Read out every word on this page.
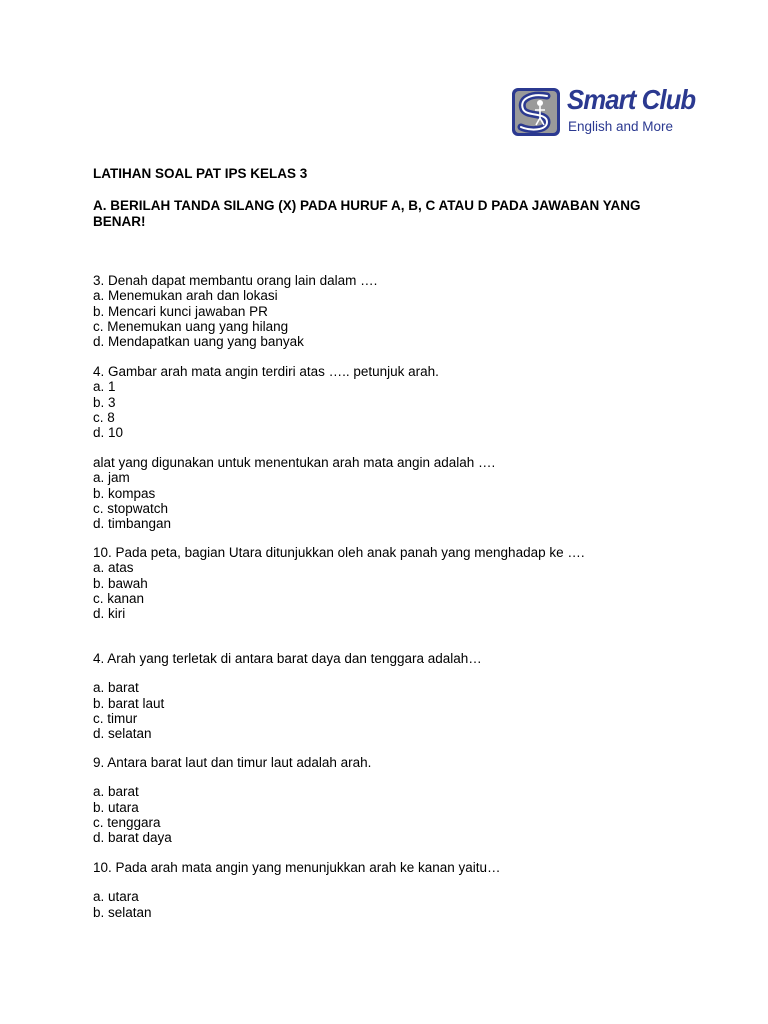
Smart Club
English and More
LATIHAN SOAL PAT IPS KELAS 3
A. BERILAH TANDA SILANG (X) PADA HURUF A, B, C ATAU D PADA JAWABAN YANG BENAR!
3. Denah dapat membantu orang lain dalam ….
a. Menemukan arah dan lokasi
b. Mencari kunci jawaban PR
c. Menemukan uang yang hilang
d. Mendapatkan uang yang banyak
4. Gambar arah mata angin terdiri atas ….. petunjuk arah.
a. 1
b. 3
c. 8
d. 10
alat yang digunakan untuk menentukan arah mata angin adalah ….
a. jam
b. kompas
c. stopwatch
d. timbangan
10. Pada peta, bagian Utara ditunjukkan oleh anak panah yang menghadap ke ….
a. atas
b. bawah
c. kanan
d. kiri
4. Arah yang terletak di antara barat daya dan tenggara adalah…
a. barat
b. barat laut
c. timur
d. selatan
9. Antara barat laut dan timur laut adalah arah.
a. barat
b. utara
c. tenggara
d. barat daya
10. Pada arah mata angin yang menunjukkan arah ke kanan yaitu…
a. utara
b. selatan
